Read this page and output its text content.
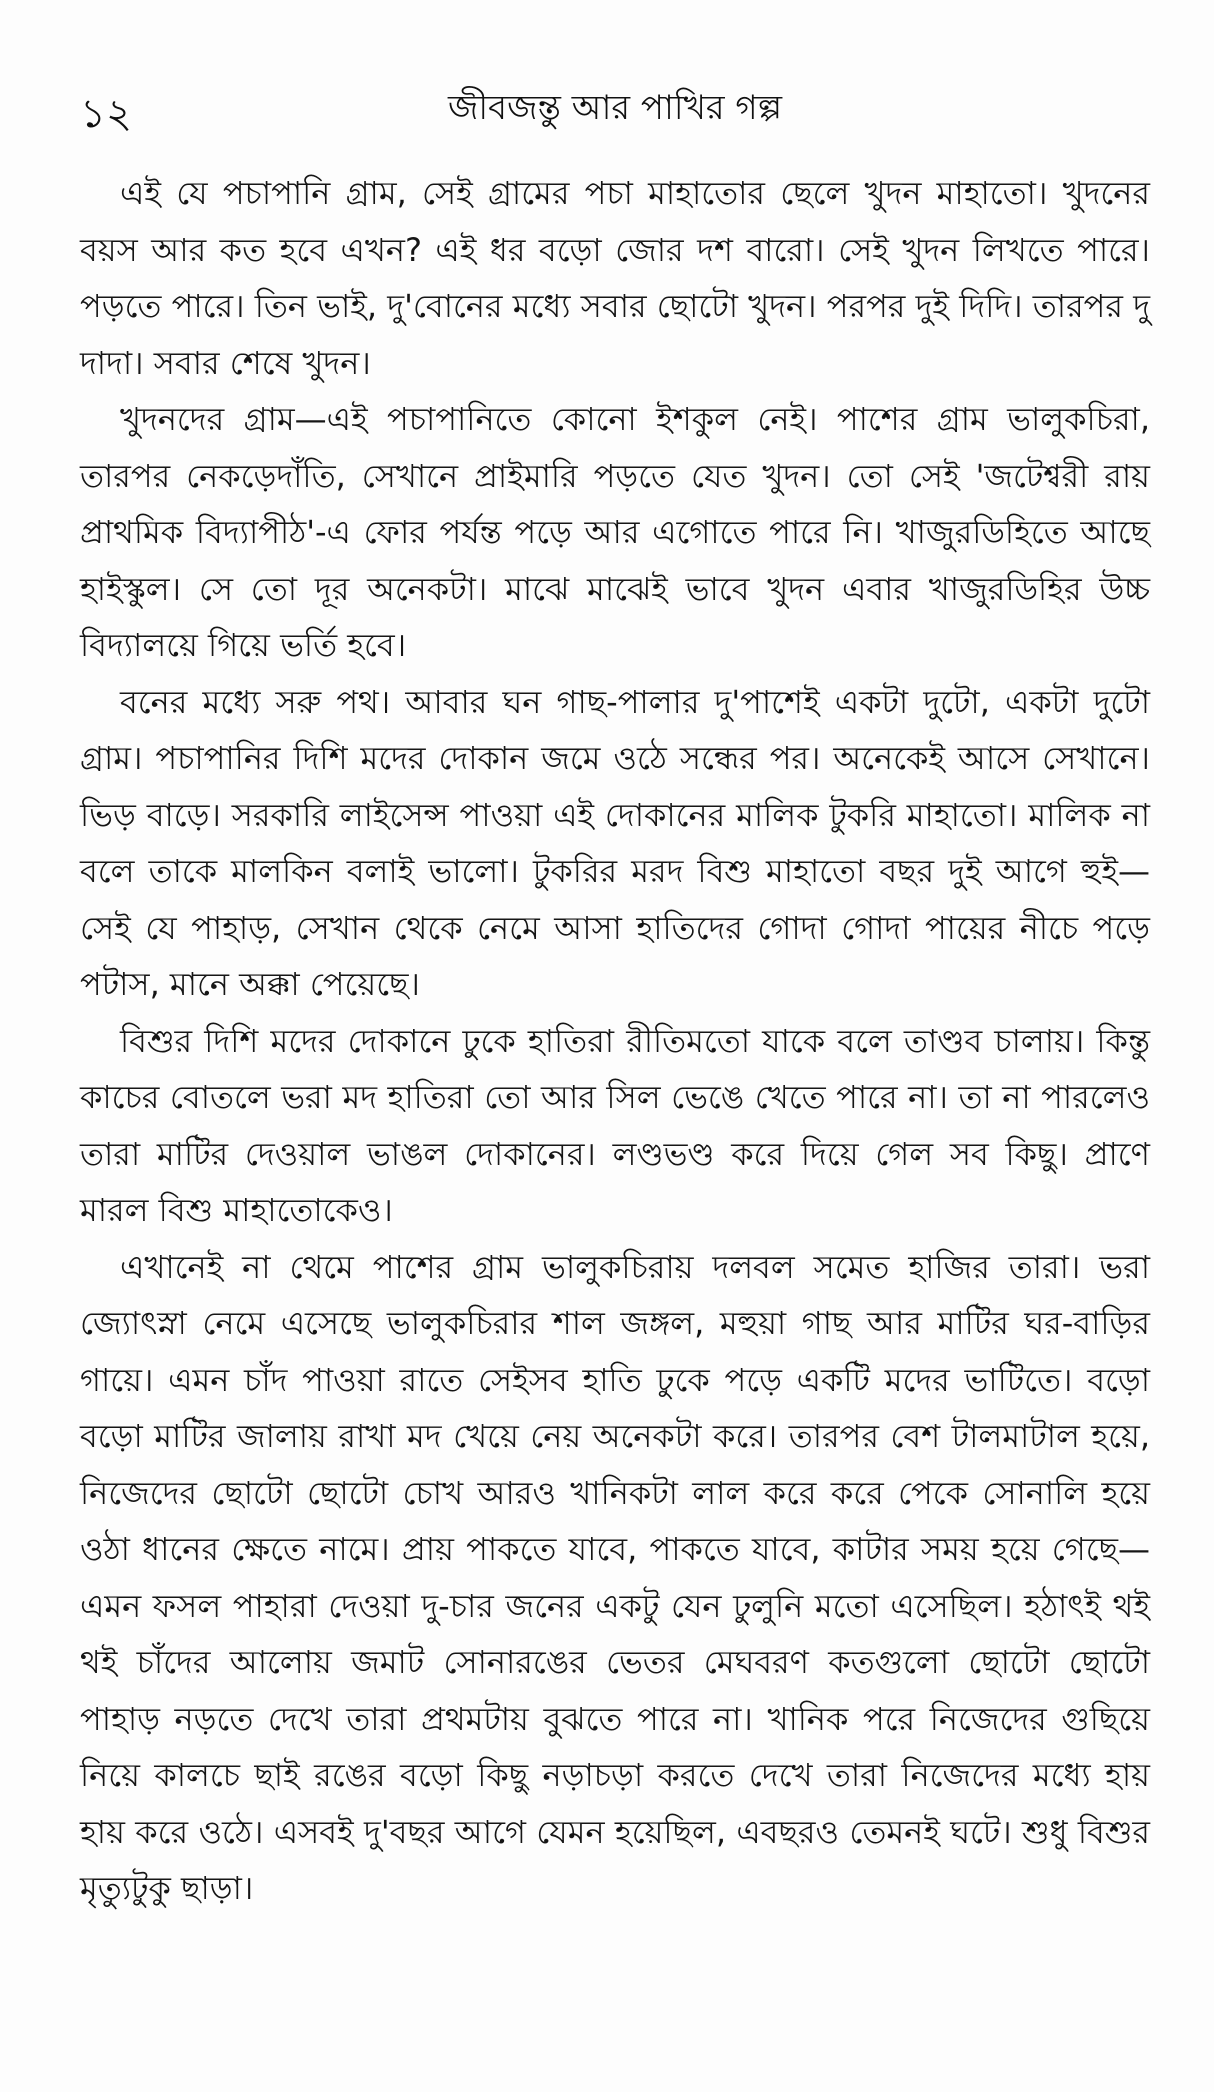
১২	জীবজন্তু আর পাখির গল্প

এই যে পচাপানি গ্রাম, সেই গ্রামের পচা মাহাতোর ছেলে খুদন মাহাতো। খুদনের বয়স আর কত হবে এখন? এই ধর বড়ো জোর দশ বারো। সেই খুদন লিখতে পারে। পড়তে পারে। তিন ভাই, দু'বোনের মধ্যে সবার ছোটো খুদন। পরপর দুই দিদি। তারপর দু দাদা। সবার শেষে খুদন।

খুদনদের গ্রাম—এই পচাপানিতে কোনো ইশকুল নেই। পাশের গ্রাম ভালুকচিরা, তারপর নেকড়েদাঁতি, সেখানে প্রাইমারি পড়তে যেত খুদন। তো সেই 'জটেশ্বরী রায় প্রাথমিক বিদ্যাপীঠ'-এ ফোর পর্যন্ত পড়ে আর এগোতে পারে নি। খাজুরডিহিতে আছে হাইস্কুল। সে তো দূর অনেকটা। মাঝে মাঝেই ভাবে খুদন এবার খাজুরডিহির উচ্চ বিদ্যালয়ে গিয়ে ভর্তি হবে।

বনের মধ্যে সরু পথ। আবার ঘন গাছ-পালার দু'পাশেই একটা দুটো, একটা দুটো গ্রাম। পচাপানির দিশি মদের দোকান জমে ওঠে সন্ধের পর। অনেকেই আসে সেখানে। ভিড় বাড়ে। সরকারি লাইসেন্স পাওয়া এই দোকানের মালিক টুকরি মাহাতো। মালিক না বলে তাকে মালকিন বলাই ভালো। টুকরির মরদ বিশু মাহাতো বছর দুই আগে হুই—সেই যে পাহাড়, সেখান থেকে নেমে আসা হাতিদের গোদা গোদা পায়ের নীচে পড়ে পটাস, মানে অক্কা পেয়েছে।

বিশুর দিশি মদের দোকানে ঢুকে হাতিরা রীতিমতো যাকে বলে তাণ্ডব চালায়। কিন্তু কাচের বোতলে ভরা মদ হাতিরা তো আর সিল ভেঙে খেতে পারে না। তা না পারলেও তারা মাটির দেওয়াল ভাঙল দোকানের। লণ্ডভণ্ড করে দিয়ে গেল সব কিছু। প্রাণে মারল বিশু মাহাতোকেও।

এখানেই না থেমে পাশের গ্রাম ভালুকচিরায় দলবল সমেত হাজির তারা। ভরা জ্যোৎস্না নেমে এসেছে ভালুকচিরার শাল জঙ্গল, মহুয়া গাছ আর মাটির ঘর-বাড়ির গায়ে। এমন চাঁদ পাওয়া রাতে সেইসব হাতি ঢুকে পড়ে একটি মদের ভাটিতে। বড়ো বড়ো মাটির জালায় রাখা মদ খেয়ে নেয় অনেকটা করে। তারপর বেশ টালমাটাল হয়ে, নিজেদের ছোটো ছোটো চোখ আরও খানিকটা লাল করে করে পেকে সোনালি হয়ে ওঠা ধানের ক্ষেতে নামে। প্রায় পাকতে যাবে, পাকতে যাবে, কাটার সময় হয়ে গেছে—এমন ফসল পাহারা দেওয়া দু-চার জনের একটু যেন ঢুলুনি মতো এসেছিল। হঠাৎই থই থই চাঁদের আলোয় জমাট সোনারঙের ভেতর মেঘবরণ কতগুলো ছোটো ছোটো পাহাড় নড়তে দেখে তারা প্রথমটায় বুঝতে পারে না। খানিক পরে নিজেদের গুছিয়ে নিয়ে কালচে ছাই রঙের বড়ো কিছু নড়াচড়া করতে দেখে তারা নিজেদের মধ্যে হায় হায় করে ওঠে। এসবই দু'বছর আগে যেমন হয়েছিল, এবছরও তেমনই ঘটে। শুধু বিশুর মৃত্যুটুকু ছাড়া।
